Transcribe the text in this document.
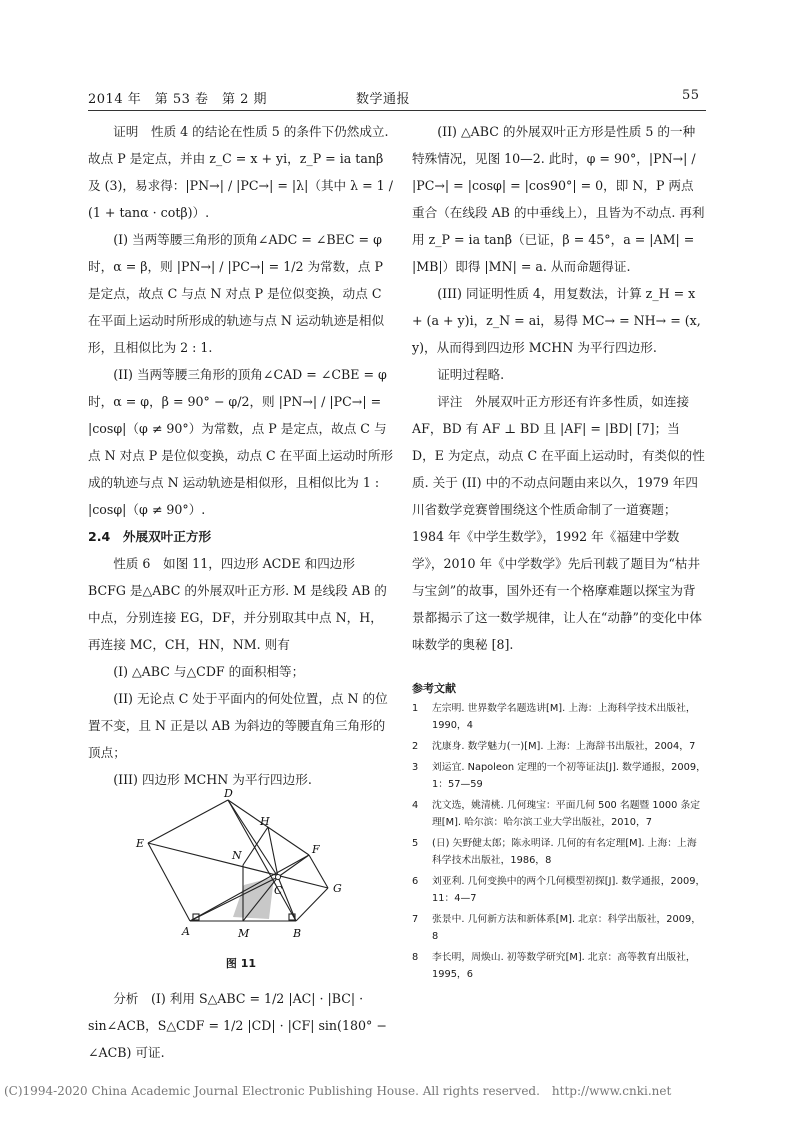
2014 年　第 53 卷　第 2 期	数学通报	55

证明　性质 4 的结论在性质 5 的条件下仍然成立. 故点 P 是定点，并由 z_C = x + yi，z_P = ia tanβ 及 (3)，易求得：|PN→| / |PC→| = |λ|（其中 λ = 1 / (1 + tanα · cotβ)）.

(I) 当两等腰三角形的顶角∠ADC = ∠BEC = φ 时，α = β，则 |PN→| / |PC→| = 1/2 为常数，点 P 是定点，故点 C 与点 N 对点 P 是位似变换，动点 C 在平面上运动时所形成的轨迹与点 N 运动轨迹是相似形，且相似比为 2 : 1.

(II) 当两等腰三角形的顶角∠CAD = ∠CBE = φ 时，α = φ，β = 90° − φ/2，则 |PN→| / |PC→| = |cosφ|（φ ≠ 90°）为常数，点 P 是定点，故点 C 与点 N 对点 P 是位似变换，动点 C 在平面上运动时所形成的轨迹与点 N 运动轨迹是相似形，且相似比为 1 : |cosφ|（φ ≠ 90°）.

2.4　外展双叶正方形

性质 6　如图 11，四边形 ACDE 和四边形 BCFG 是△ABC 的外展双叶正方形. M 是线段 AB 的中点，分别连接 EG，DF，并分别取其中点 N，H，再连接 MC，CH，HN，NM. 则有

(I) △ABC 与△CDF 的面积相等；

(II) 无论点 C 处于平面内的何处位置，点 N 的位置不变，且 N 正是以 AB 为斜边的等腰直角三角形的顶点；

(III) 四边形 MCHN 为平行四边形.

D
E
H
F
N
C	G
A	M	B
图 11

分析　(I) 利用 S△ABC = 1/2 |AC| · |BC| · sin∠ACB，S△CDF = 1/2 |CD| · |CF| sin(180° − ∠ACB) 可证.

(II) △ABC 的外展双叶正方形是性质 5 的一种特殊情况，见图 10—2. 此时，φ = 90°，|PN→| / |PC→| = |cosφ| = |cos90°| = 0，即 N，P 两点重合（在线段 AB 的中垂线上），且皆为不动点. 再利用 z_P = ia tanβ（已证，β = 45°，a = |AM| = |MB|）即得 |MN| = a. 从而命题得证.

(III) 同证明性质 4，用复数法，计算 z_H = x + (a + y)i，z_N = ai，易得 MC→ = NH→ = (x, y)，从而得到四边形 MCHN 为平行四边形.

证明过程略.

评注　外展双叶正方形还有许多性质，如连接 AF，BD 有 AF ⊥ BD 且 |AF| = |BD| [7]；当 D，E 为定点，动点 C 在平面上运动时，有类似的性质. 关于 (II) 中的不动点问题由来以久，1979 年四川省数学竞赛曾围绕这个性质命制了一道赛题；1984 年《中学生数学》，1992 年《福建中学数学》，2010 年《中学数学》先后刊载了题目为“枯井与宝剑”的故事，国外还有一个格摩难题以探宝为背景都揭示了这一数学规律，让人在“动静”的变化中体味数学的奥秘 [8].

参考文献
1	左宗明. 世界数学名题选讲[M]. 上海：上海科学技术出版社，1990，4
2	沈康身. 数学魅力(一)[M]. 上海：上海辞书出版社，2004，7
3	刘运宜. Napoleon 定理的一个初等证法[J]. 数学通报，2009，1：57—59
4	沈文选，姚清桃. 几何瑰宝：平面几何 500 名题暨 1000 条定理[M]. 哈尔滨：哈尔滨工业大学出版社，2010，7
5	(日) 矢野健太郎；陈永明译. 几何的有名定理[M]. 上海：上海科学技术出版社，1986，8
6	刘亚利. 几何变换中的两个几何模型初探[J]. 数学通报，2009，11：4—7
7	张景中. 几何新方法和新体系[M]. 北京：科学出版社，2009，8
8	李长明，周焕山. 初等数学研究[M]. 北京：高等教育出版社，1995，6
(C)1994-2020 China Academic Journal Electronic Publishing House. All rights reserved.　http://www.cnki.net
